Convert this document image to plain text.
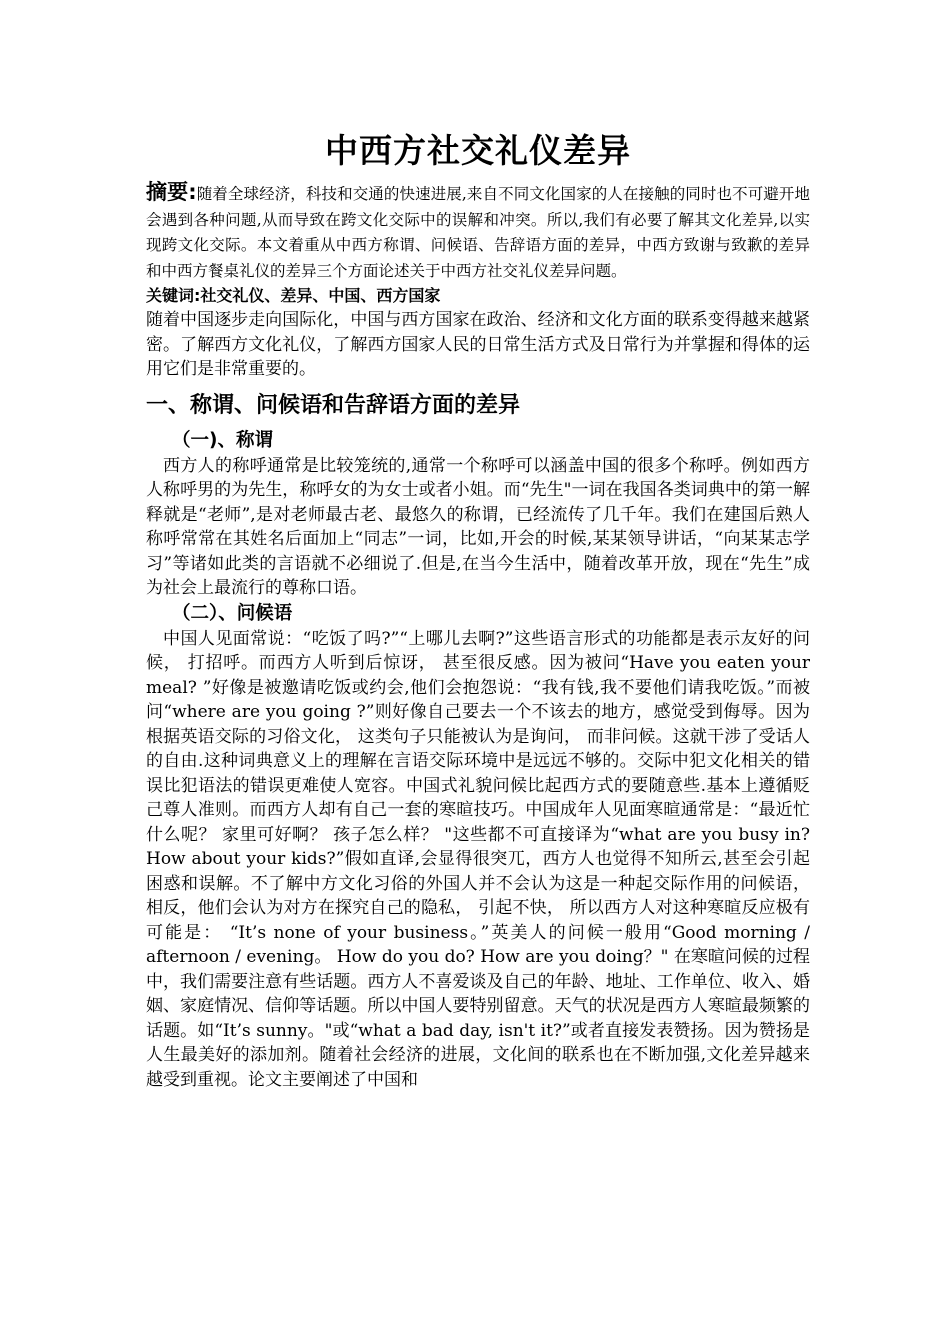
中西方社交礼仪差异

摘要:随着全球经济，科技和交通的快速进展,来自不同文化国家的人在接触的同时也不可避开地会遇到各种问题,从而导致在跨文化交际中的误解和冲突。所以,我们有必要了解其文化差异,以实现跨文化交际。本文着重从中西方称谓、问候语、告辞语方面的差异，中西方致谢与致歉的差异和中西方餐桌礼仪的差异三个方面论述关于中西方社交礼仪差异问题。

关键词:社交礼仪、差异、中国、西方国家

随着中国逐步走向国际化，中国与西方国家在政治、经济和文化方面的联系变得越来越紧密。了解西方文化礼仪，了解西方国家人民的日常生活方式及日常行为并掌握和得体的运用它们是非常重要的。

一、称谓、问候语和告辞语方面的差异
（一)、称谓

西方人的称呼通常是比较笼统的,通常一个称呼可以涵盖中国的很多个称呼。例如西方人称呼男的为先生，称呼女的为女士或者小姐。而“先生"一词在我国各类词典中的第一解释就是“老师”,是对老师最古老、最悠久的称谓，已经流传了几千年。我们在建国后熟人称呼常常在其姓名后面加上“同志”一词，比如,开会的时候,某某领导讲话，“向某某志学习”等诸如此类的言语就不必细说了.但是,在当今生活中，随着改革开放，现在“先生”成为社会上最流行的尊称口语。

（二）、问候语

中国人见面常说：“吃饭了吗?”“上哪儿去啊?”这些语言形式的功能都是表示友好的问候， 打招呼。而西方人听到后惊讶， 甚至很反感。因为被问“Have you eaten your meal? ”好像是被邀请吃饭或约会,他们会抱怨说：“我有钱,我不要他们请我吃饭。”而被问“where are you going ?”则好像自己要去一个不该去的地方，感觉受到侮辱。因为根据英语交际的习俗文化， 这类句子只能被认为是询问， 而非问候。这就干涉了受话人的自由.这种词典意义上的理解在言语交际环境中是远远不够的。交际中犯文化相关的错误比犯语法的错误更难使人宽容。中国式礼貌问候比起西方式的要随意些.基本上遵循贬己尊人准则。而西方人却有自己一套的寒暄技巧。中国成年人见面寒暄通常是：“最近忙什么呢？ 家里可好啊？ 孩子怎么样？ "这些都不可直接译为“what are you busy in? How about your kids?”假如直译,会显得很突兀，西方人也觉得不知所云,甚至会引起困惑和误解。不了解中方文化习俗的外国人并不会认为这是一种起交际作用的问候语， 相反，他们会认为对方在探究自己的隐私， 引起不快， 所以西方人对这种寒暄反应极有可能是： “It’s none of your business。”英美人的问候一般用“Good morning / afternoon / evening。 How do you do? How are you doing？" 在寒暄问候的过程中，我们需要注意有些话题。西方人不喜爱谈及自己的年龄、地址、工作单位、收入、婚姻、家庭情况、信仰等话题。所以中国人要特别留意。天气的状况是西方人寒暄最频繁的话题。如“It’s sunny。"或“what a bad day, isn't it?”或者直接发表赞扬。因为赞扬是人生最美好的添加剂。随着社会经济的进展，文化间的联系也在不断加强,文化差异越来越受到重视。论文主要阐述了中国和
